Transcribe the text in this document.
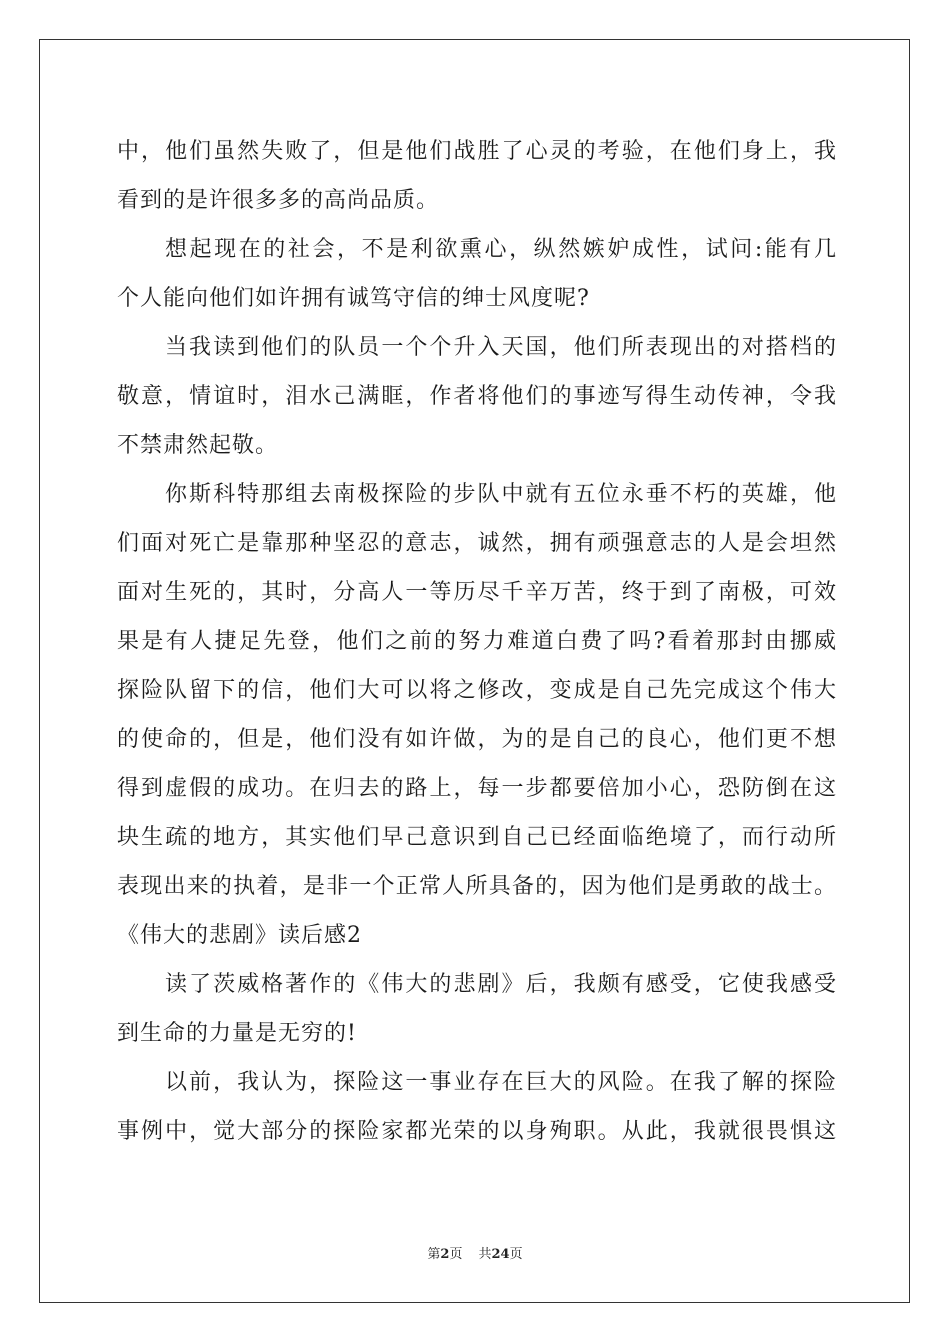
中，他们虽然失败了，但是他们战胜了心灵的考验，在他们身上，我
看到的是许很多多的高尚品质。
想起现在的社会，不是利欲熏心，纵然嫉妒成性，试问:能有几
个人能向他们如许拥有诚笃守信的绅士风度呢?
当我读到他们的队员一个个升入天国，他们所表现出的对搭档的
敬意，情谊时，泪水己满眶，作者将他们的事迹写得生动传神，令我
不禁肃然起敬。
你斯科特那组去南极探险的步队中就有五位永垂不朽的英雄，他
们面对死亡是靠那种坚忍的意志，诚然，拥有顽强意志的人是会坦然
面对生死的，其时，分高人一等历尽千辛万苦，终于到了南极，可效
果是有人捷足先登，他们之前的努力难道白费了吗?看着那封由挪威
探险队留下的信，他们大可以将之修改，变成是自己先完成这个伟大
的使命的，但是，他们没有如许做，为的是自己的良心，他们更不想
得到虚假的成功。在归去的路上，每一步都要倍加小心，恐防倒在这
块生疏的地方，其实他们早己意识到自己已经面临绝境了，而行动所
表现出来的执着，是非一个正常人所具备的，因为他们是勇敢的战士。
《伟大的悲剧》读后感2
读了茨威格著作的《伟大的悲剧》后，我颇有感受，它使我感受
到生命的力量是无穷的!
以前，我认为，探险这一事业存在巨大的风险。在我了解的探险
事例中，觉大部分的探险家都光荣的以身殉职。从此，我就很畏惧这
第2页 共24页
